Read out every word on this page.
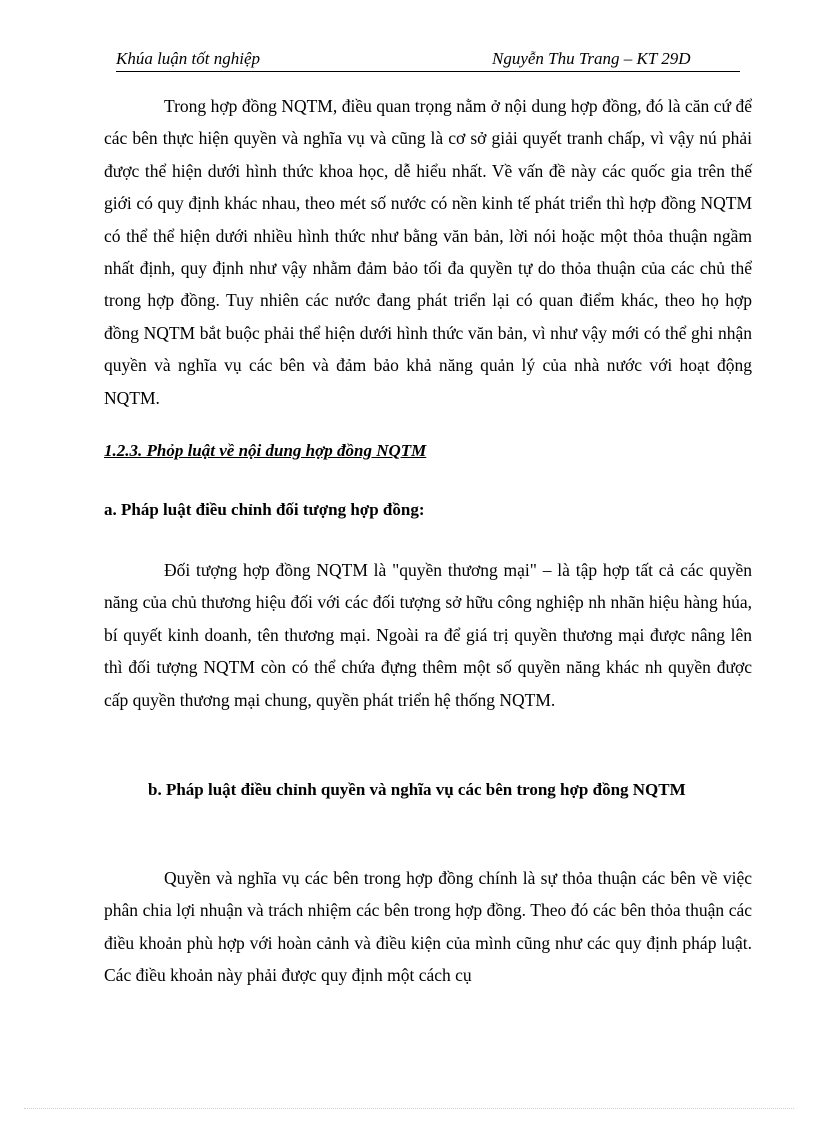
Khúa luận tốt nghiệp	Nguyễn Thu Trang – KT 29D

Trong hợp đồng NQTM, điều quan trọng nằm ở nội dung hợp đồng, đó là căn cứ để các bên thực hiện quyền và nghĩa vụ và cũng là cơ sở giải quyết tranh chấp, vì vậy nú phải được thể hiện dưới hình thức khoa học, dễ hiểu nhất. Về vấn đề này các quốc gia trên thế giới có quy định khác nhau, theo mét số nước có nền kinh tế phát triển thì hợp đồng NQTM có thể thể hiện dưới nhiều hình thức như bằng văn bản, lời nói hoặc một thỏa thuận ngầm nhất định, quy định như vậy nhằm đảm bảo tối đa quyền tự do thỏa thuận của các chủ thể trong hợp đồng. Tuy nhiên các nước đang phát triển lại có quan điểm khác, theo họ hợp đồng NQTM bắt buộc phải thể hiện dưới hình thức văn bản, vì như vậy mới có thể ghi nhận quyền và nghĩa vụ các bên và đảm bảo khả năng quản lý của nhà nước với hoạt động NQTM.

1.2.3. Phỏp luật về nội dung hợp đồng NQTM

a. Pháp luật điều chỉnh đối tượng hợp đồng:

Đối tượng hợp đồng NQTM là "quyền thương mại" – là tập hợp tất cả các quyền năng của chủ thương hiệu đối với các đối tượng sở hữu công nghiệp nh nhãn hiệu hàng húa, bí quyết kinh doanh, tên thương mại. Ngoài ra để giá trị quyền thương mại được nâng lên thì đối tượng NQTM còn có thể chứa đựng thêm một số quyền năng khác nh quyền được cấp quyền thương mại chung, quyền phát triển hệ thống NQTM.

b. Pháp luật điều chỉnh quyền và nghĩa vụ các bên trong hợp đồng NQTM

Quyền và nghĩa vụ các bên trong hợp đồng chính là sự thỏa thuận các bên về việc phân chia lợi nhuận và trách nhiệm các bên trong hợp đồng. Theo đó các bên thỏa thuận các điều khoản phù hợp với hoàn cảnh và điều kiện của mình cũng như các quy định pháp luật. Các điều khoản này phải được quy định một cách cụ
